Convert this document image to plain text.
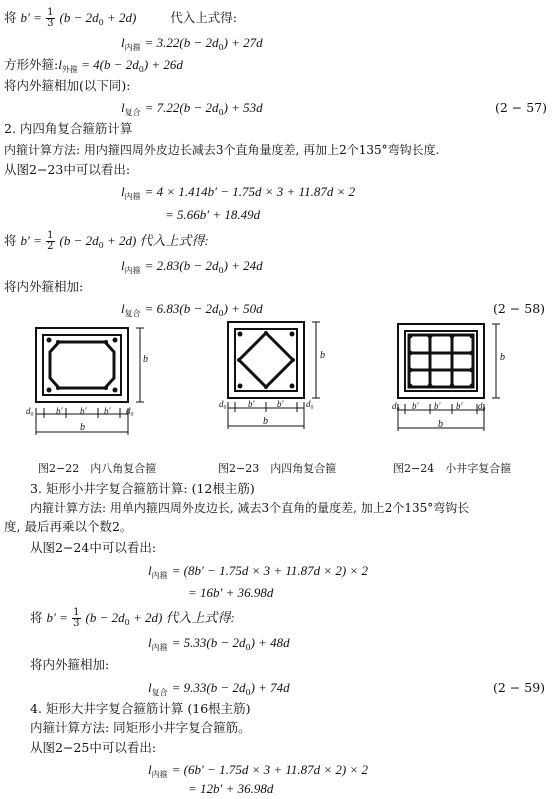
将 $b' = \frac{1}{3} (b - 2d_0 + 2d)$	代入上式得:
$l_{内箍} = 3.22(b - 2d_0) + 27d$
方形外箍$:l_{外箍} = 4(b - 2d_0) + 26d$
将内外箍相加(以下同):
$l_{复合} = 7.22(b - 2d_0) + 53d$	(2 − 57)
2. 内四角复合箍筋计算
内箍计算方法: 用内箍四周外皮边长减去3个直角量度差, 再加上2个135°弯钩长度.
从图2−23中可以看出:
$l_{内箍} = 4 \times 1.414b' - 1.75d \times 3 + 11.87d \times 2$
= 5.66b′ + 18.49d
将 $b' = \frac{1}{2} (b - 2d_0 + 2d)$ 代入上式得:
$l_{内箍} = 2.83(b - 2d_0) + 24d$
将内外箍相加:
$l_{复合} = 6.83(b - 2d_0) + 50d$	(2 − 58)
b
d₀ b′ b′ b′ d₀
b
图2−22　内八角复合箍
b
d₀ b′	b′	d₀
b
图2−23　内四角复合箍
b
d₀ b′ b′ b′ d₀
b
图2−24　小井字复合箍
3. 矩形小井字复合箍筋计算: (12根主筋)
内箍计算方法: 用单内箍四周外皮边长, 减去3个直角的量度差, 加上2个135°弯钩长
度, 最后再乘以个数2。
从图2−24中可以看出:
$l_{内箍} = (8b' - 1.75d \times 3 + 11.87d \times 2) \times 2$
= 16b′ + 36.98d
将 $b' = \frac{1}{3} (b - 2d_0 + 2d)$ 代入上式得:
$l_{内箍} = 5.33(b - 2d_0) + 48d$
将内外箍相加:
$l_{复合} = 9.33(b - 2d_0) + 74d$	(2 − 59)
4. 矩形大井字复合箍筋计算 (16根主筋)
内箍计算方法: 同矩形小井字复合箍筋。
从图2−25中可以看出:
$l_{内箍} = (6b' - 1.75d \times 3 + 11.87d \times 2) \times 2$
= 12b′ + 36.98d
